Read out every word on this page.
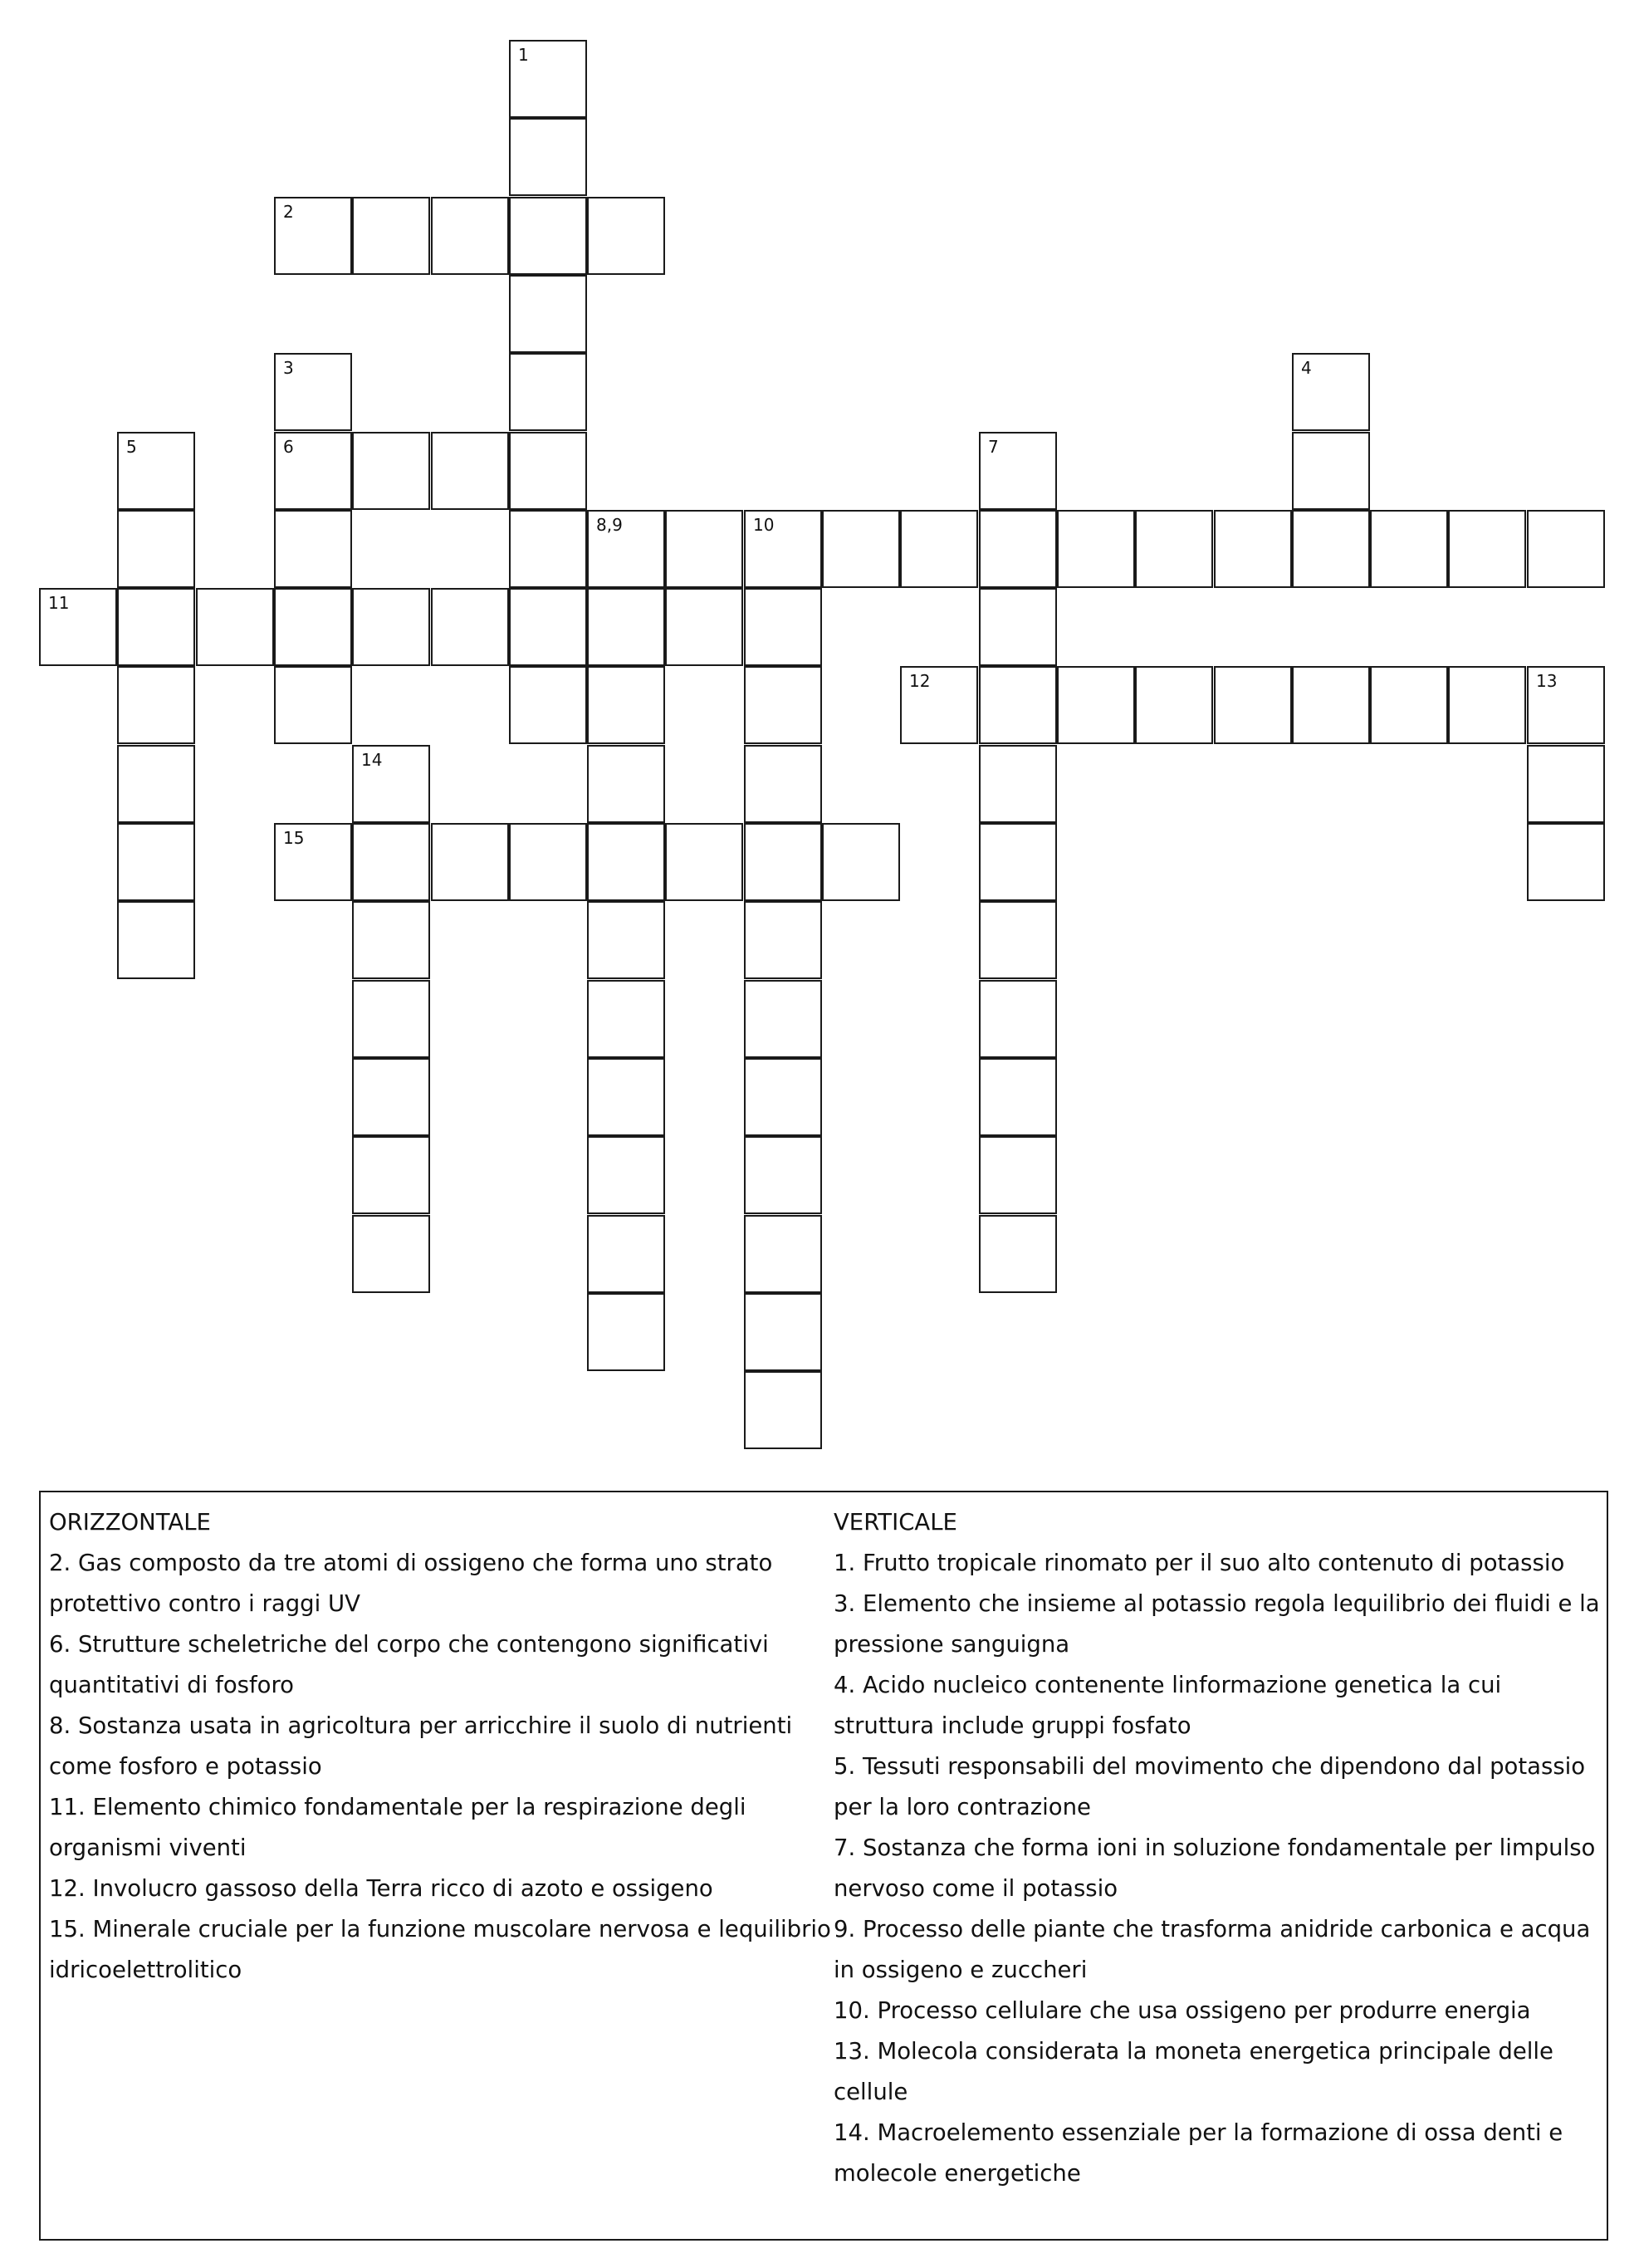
1
2
3
6
4
5	7
8,9	10
11
12	13
14
15
ORIZZONTALE
2. Gas composto da tre atomi di ossigeno che forma uno strato protettivo contro i raggi UV
6. Strutture scheletriche del corpo che contengono significativi quantitativi di fosforo
8. Sostanza usata in agricoltura per arricchire il suolo di nutrienti come fosforo e potassio
11. Elemento chimico fondamentale per la respirazione degli organismi viventi
12. Involucro gassoso della Terra ricco di azoto e ossigeno
15. Minerale cruciale per la funzione muscolare nervosa e lequilibrio idricoelettrolitico
VERTICALE
1. Frutto tropicale rinomato per il suo alto contenuto di potassio
3. Elemento che insieme al potassio regola lequilibrio dei fluidi e la pressione sanguigna
4. Acido nucleico contenente linformazione genetica la cui struttura include gruppi fosfato
5. Tessuti responsabili del movimento che dipendono dal potassio per la loro contrazione
7. Sostanza che forma ioni in soluzione fondamentale per limpulso nervoso come il potassio
9. Processo delle piante che trasforma anidride carbonica e acqua in ossigeno e zuccheri
10. Processo cellulare che usa ossigeno per produrre energia
13. Molecola considerata la moneta energetica principale delle cellule
14. Macroelemento essenziale per la formazione di ossa denti e molecole energetiche
